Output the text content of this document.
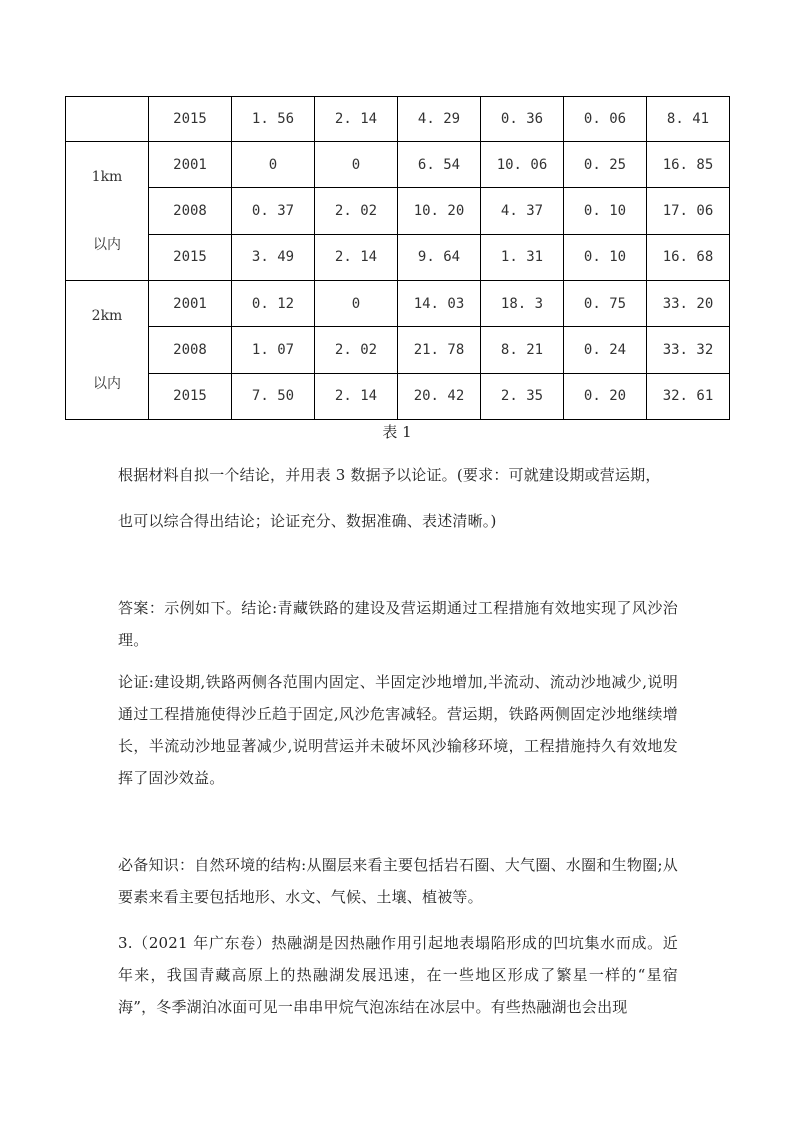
	2015	1. 56	2. 14	4. 29	0. 36	0. 06	8. 41

1km

以内	2001	0	0	6. 54	10. 06	0. 25	16. 85
	2008	0. 37	2. 02	10. 20	4. 37	0. 10	17. 06
	2015	3. 49	2. 14	9. 64	1. 31	0. 10	16. 68

2km

以内	2001	0. 12	0	14. 03	18. 3	0. 75	33. 20
	2008	1. 07	2. 02	21. 78	8. 21	0. 24	33. 32
	2015	7. 50	2. 14	20. 42	2. 35	0. 20	32. 61
表 1

根据材料自拟一个结论，并用表 3 数据予以论证。(要求：可就建设期或营运期，

也可以综合得出结论；论证充分、数据准确、表述清晰。)

答案：示例如下。结论:青藏铁路的建设及营运期通过工程措施有效地实现了风沙治理。

论证:建设期,铁路两侧各范围内固定、半固定沙地增加,半流动、流动沙地减少,说明通过工程措施使得沙丘趋于固定,风沙危害减轻。营运期，铁路两侧固定沙地继续增长，半流动沙地显著减少,说明营运并未破坏风沙输移环境，工程措施持久有效地发挥了固沙效益。

必备知识：自然环境的结构:从圈层来看主要包括岩石圈、大气圈、水圈和生物圈;从要素来看主要包括地形、水文、气候、土壤、植被等。

3.（2021 年广东卷）热融湖是因热融作用引起地表塌陷形成的凹坑集水而成。近年来，我国青藏高原上的热融湖发展迅速，在一些地区形成了繁星一样的“星宿海”，冬季湖泊冰面可见一串串甲烷气泡冻结在冰层中。有些热融湖也会出现
